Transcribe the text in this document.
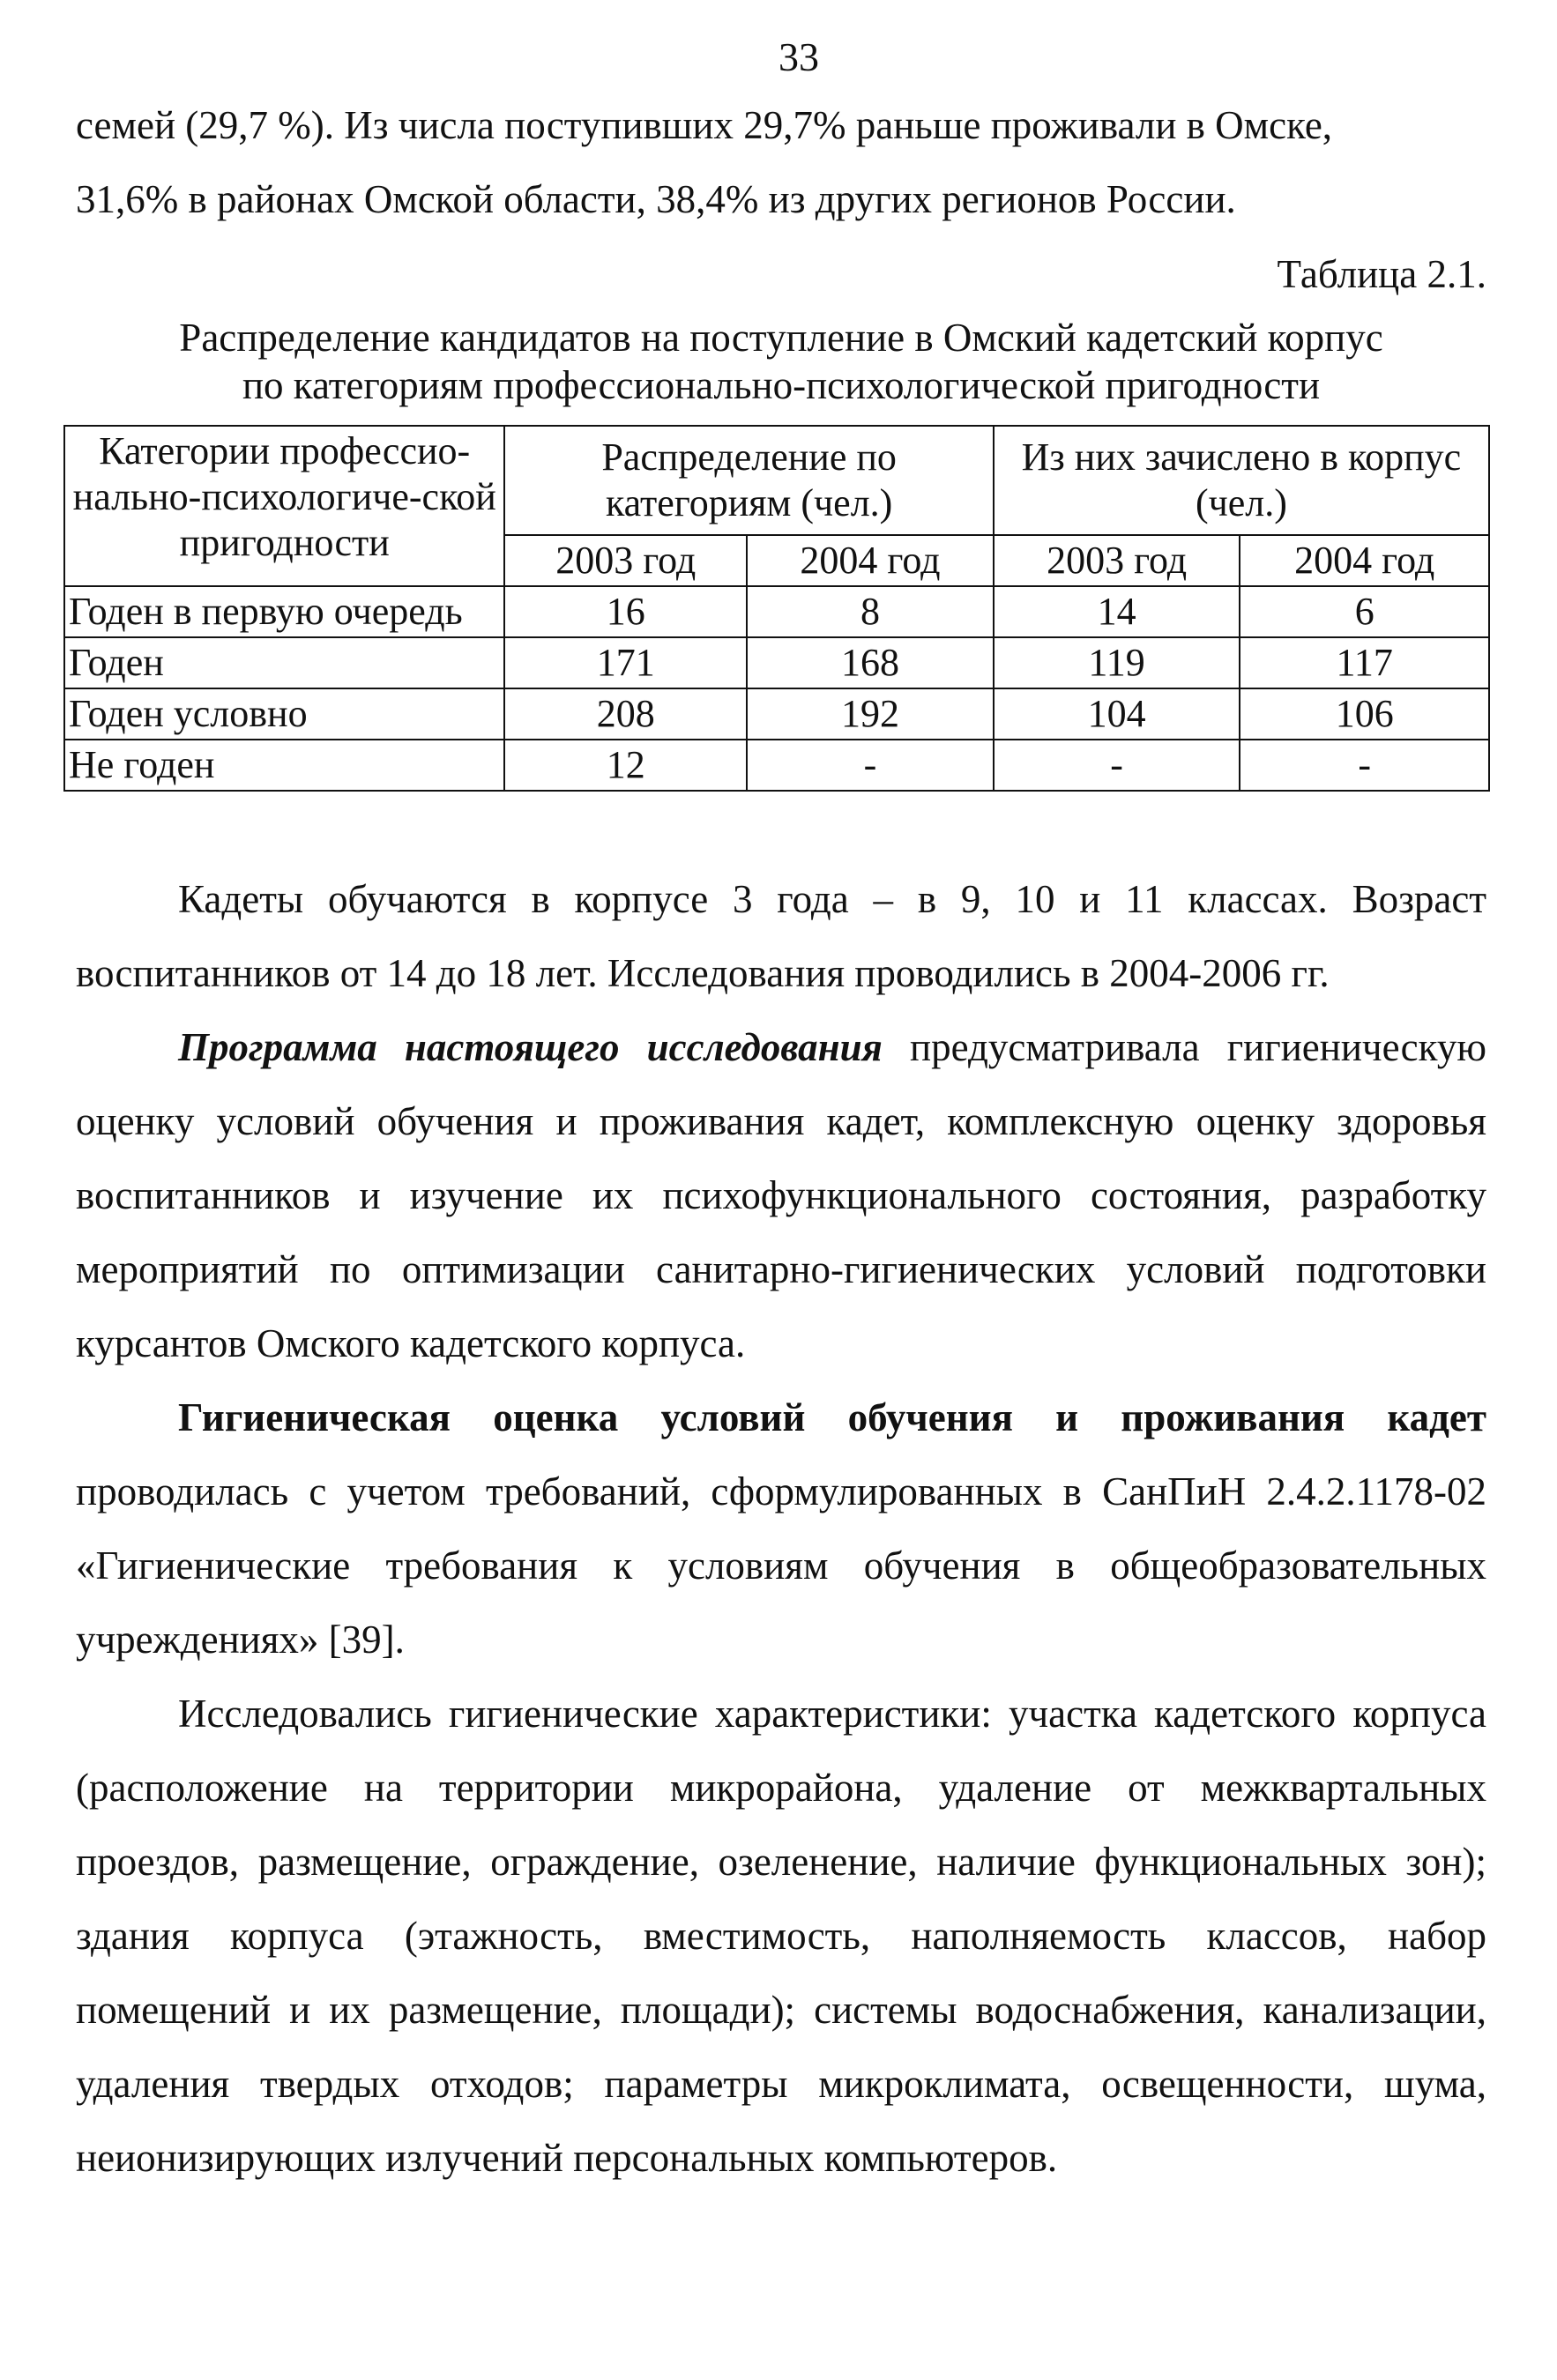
33

семей (29,7 %). Из числа поступивших 29,7% раньше проживали в Омске,
31,6% в районах Омской области, 38,4% из других регионов России.

Таблица 2.1.
Распределение кандидатов на поступление в Омский кадетский корпус
по категориям профессионально-психологической пригодности
Категории профессио-нально-психологиче-ской пригодности	Распределение по категориям (чел.)		Из них зачислено в корпус (чел.)	
	2003 год	2004 год	2003 год	2004 год
Годен в первую очередь	16	8	14	6
Годен	171	168	119	117
Годен условно	208	192	104	106
Не годен	12	-	-	-

Кадеты обучаются в корпусе 3 года – в 9, 10 и 11 классах. Возраст воспитанников от 14 до 18 лет. Исследования проводились в 2004-2006 гг.

Программа настоящего исследования предусматривала гигиеническую оценку условий обучения и проживания кадет, комплексную оценку здоровья воспитанников и изучение их психофункционального состояния, разработку мероприятий по оптимизации санитарно-гигиенических условий подготовки курсантов Омского кадетского корпуса.

Гигиеническая оценка условий обучения и проживания кадет проводилась с учетом требований, сформулированных в СанПиН 2.4.2.1178-02 «Гигиенические требования к условиям обучения в общеобразовательных учреждениях» [39].

Исследовались гигиенические характеристики: участка кадетского корпуса (расположение на территории микрорайона, удаление от межквартальных проездов, размещение, ограждение, озеленение, наличие функциональных зон); здания корпуса (этажность, вместимость, наполняемость классов, набор помещений и их размещение, площади); системы водоснабжения, канализации, удаления твердых отходов; параметры микроклимата, освещенности, шума, неионизирующих излучений персональных компьютеров.
